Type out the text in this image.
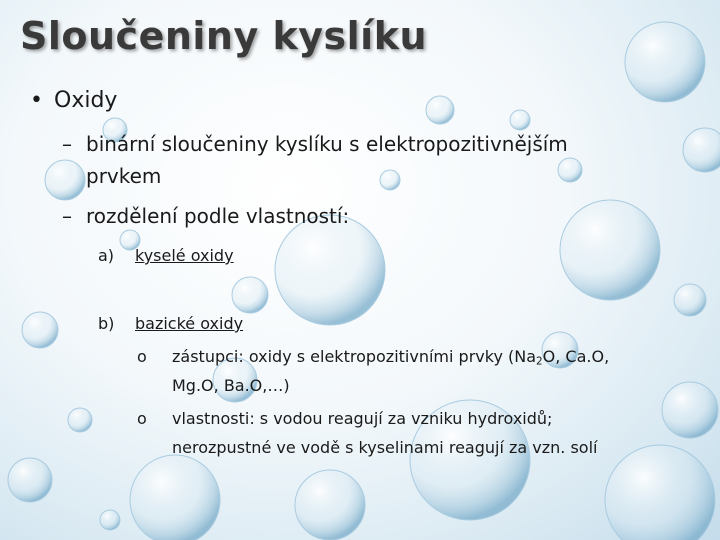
Sloučeniny kyslíku
• Oxidy
– binární sloučeniny kyslíku s elektropozitivnějším
prvkem
– rozdělení podle vlastností:
a) kyselé oxidy
b) bazické oxidy
o zástupci: oxidy s elektropozitivními prvky ($Na_2O$, Ca.O,
Mg.O, Ba.O,…)
o vlastnosti: s vodou reagují za vzniku hydroxidů;
nerozpustné ve vodě s kyselinami reagují za vzn. solí
